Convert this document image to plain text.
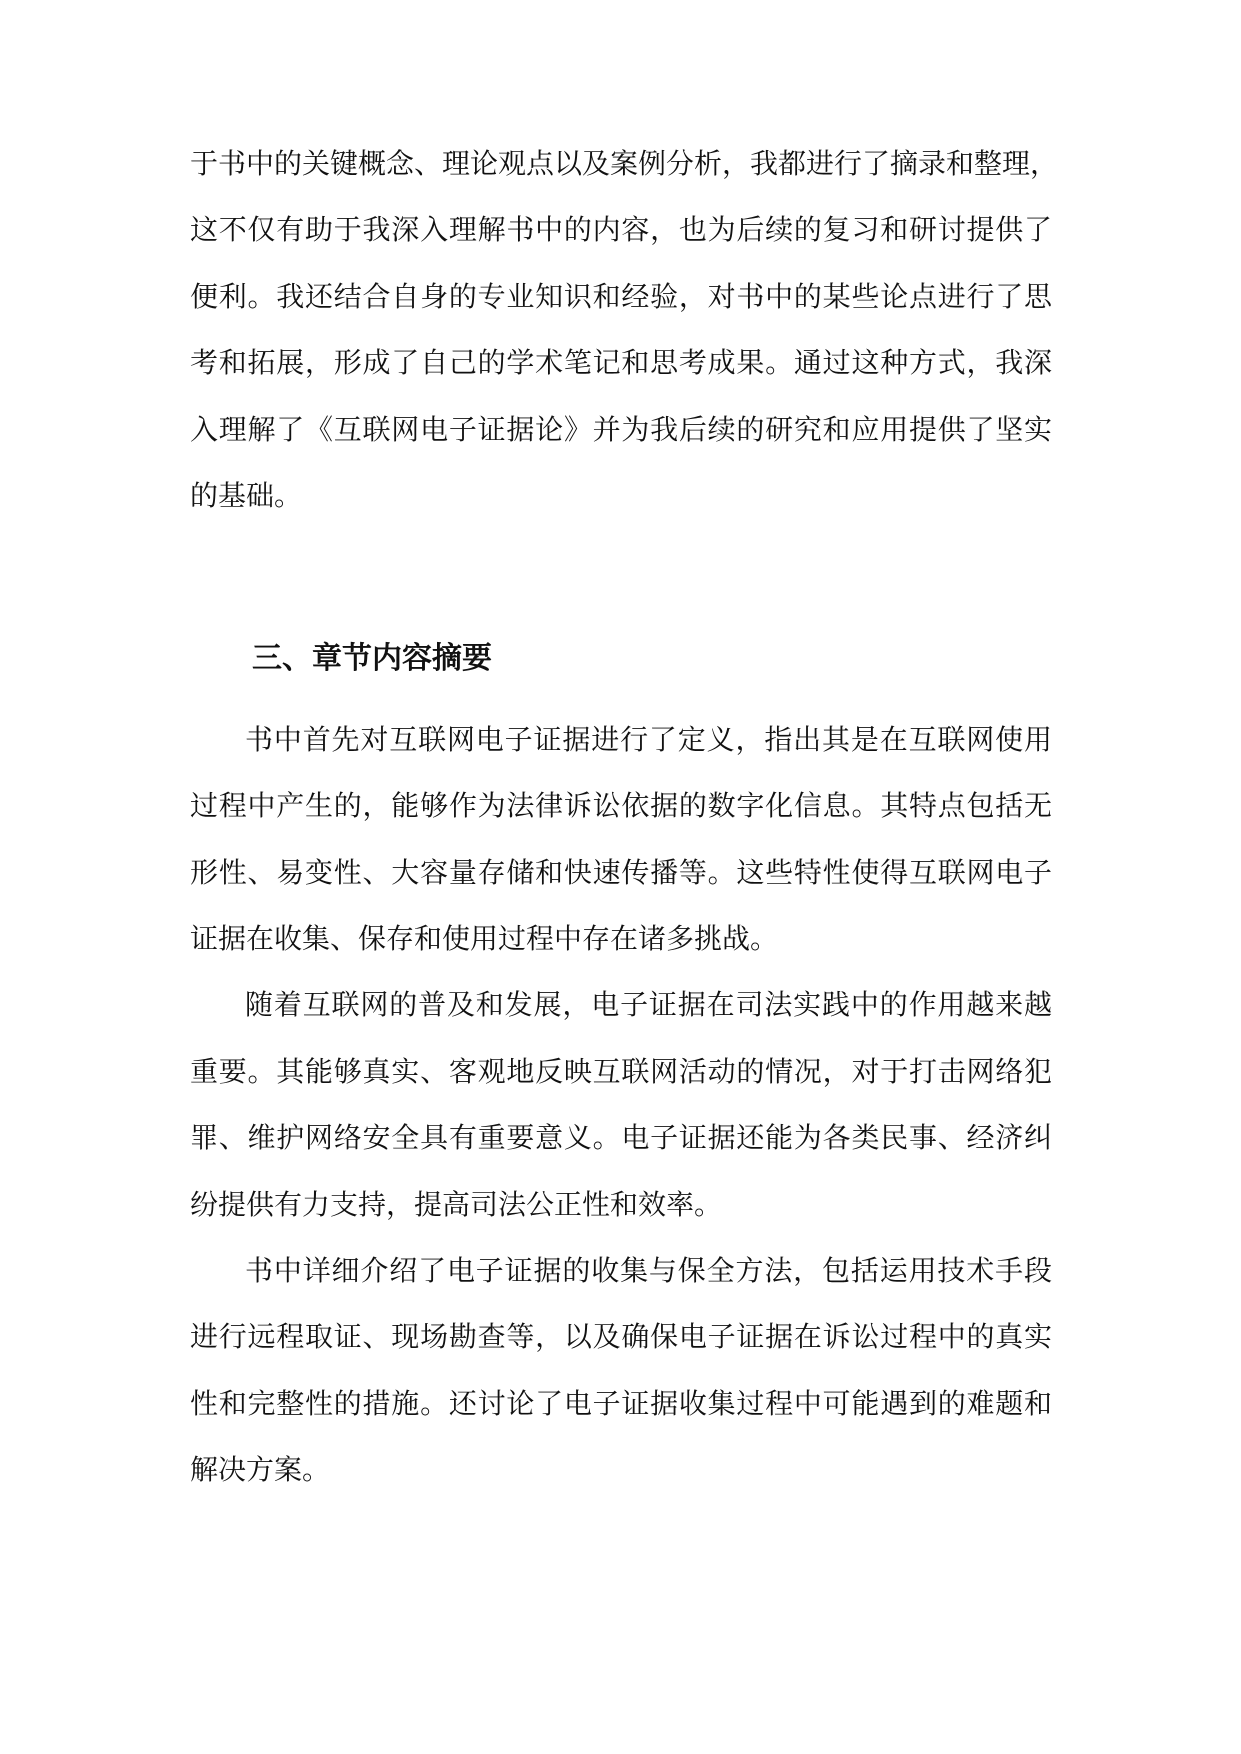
于书中的关键概念、理论观点以及案例分析，我都进行了摘录和整理，
这不仅有助于我深入理解书中的内容，也为后续的复习和研讨提供了
便利。我还结合自身的专业知识和经验，对书中的某些论点进行了思
考和拓展，形成了自己的学术笔记和思考成果。通过这种方式，我深
入理解了《互联网电子证据论》并为我后续的研究和应用提供了坚实
的基础。
三、章节内容摘要
书中首先对互联网电子证据进行了定义，指出其是在互联网使用
过程中产生的，能够作为法律诉讼依据的数字化信息。其特点包括无
形性、易变性、大容量存储和快速传播等。这些特性使得互联网电子
证据在收集、保存和使用过程中存在诸多挑战。
随着互联网的普及和发展，电子证据在司法实践中的作用越来越
重要。其能够真实、客观地反映互联网活动的情况，对于打击网络犯
罪、维护网络安全具有重要意义。电子证据还能为各类民事、经济纠
纷提供有力支持，提高司法公正性和效率。
书中详细介绍了电子证据的收集与保全方法，包括运用技术手段
进行远程取证、现场勘查等，以及确保电子证据在诉讼过程中的真实
性和完整性的措施。还讨论了电子证据收集过程中可能遇到的难题和
解决方案。
